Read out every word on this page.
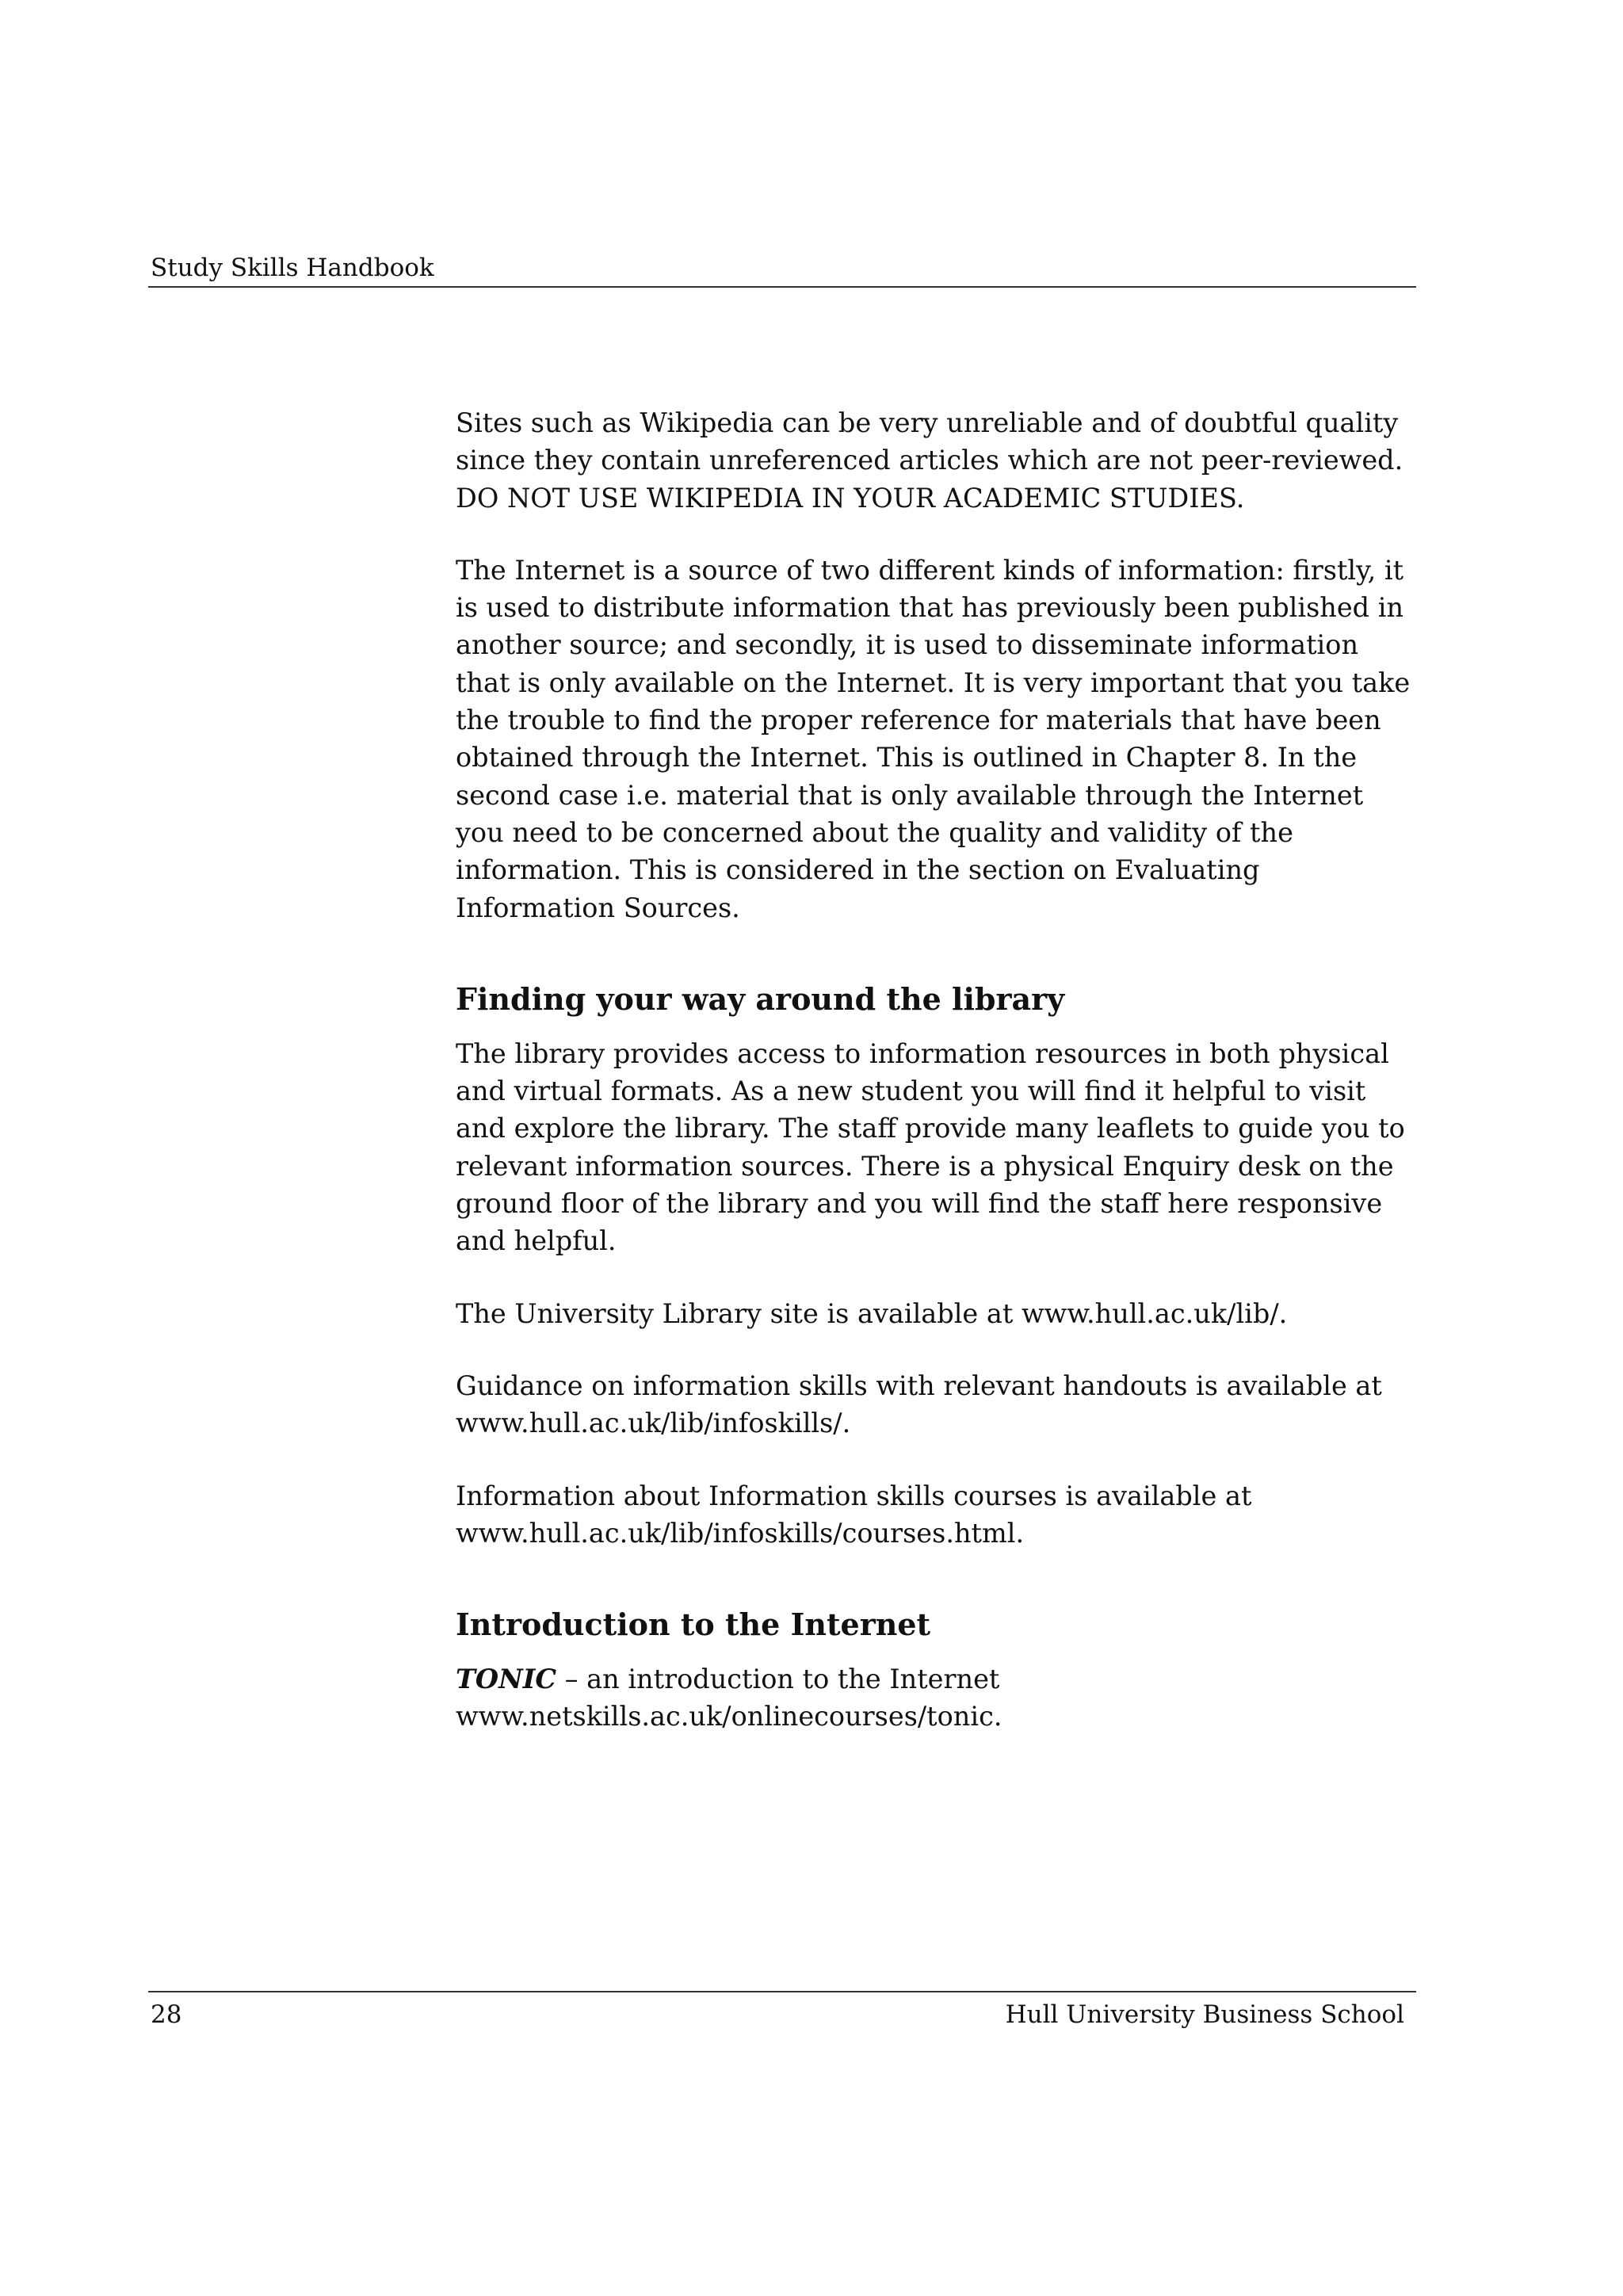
Study Skills Handbook

Sites such as Wikipedia can be very unreliable and of doubtful quality since they contain unreferenced articles which are not peer-reviewed. DO NOT USE WIKIPEDIA IN YOUR ACADEMIC STUDIES.

The Internet is a source of two different kinds of information: firstly, it is used to distribute information that has previously been published in another source; and secondly, it is used to disseminate information that is only available on the Internet. It is very important that you take the trouble to find the proper reference for materials that have been obtained through the Internet. This is outlined in Chapter 8. In the second case i.e. material that is only available through the Internet you need to be concerned about the quality and validity of the information. This is considered in the section on Evaluating Information Sources.

Finding your way around the library

The library provides access to information resources in both physical and virtual formats. As a new student you will find it helpful to visit and explore the library. The staff provide many leaflets to guide you to relevant information sources. There is a physical Enquiry desk on the ground floor of the library and you will find the staff here responsive and helpful.

The University Library site is available at www.hull.ac.uk/lib/.

Guidance on information skills with relevant handouts is available at www.hull.ac.uk/lib/infoskills/.

Information about Information skills courses is available at www.hull.ac.uk/lib/infoskills/courses.html.

Introduction to the Internet

TONIC – an introduction to the Internet
www.netskills.ac.uk/onlinecourses/tonic.

28	Hull University Business School
